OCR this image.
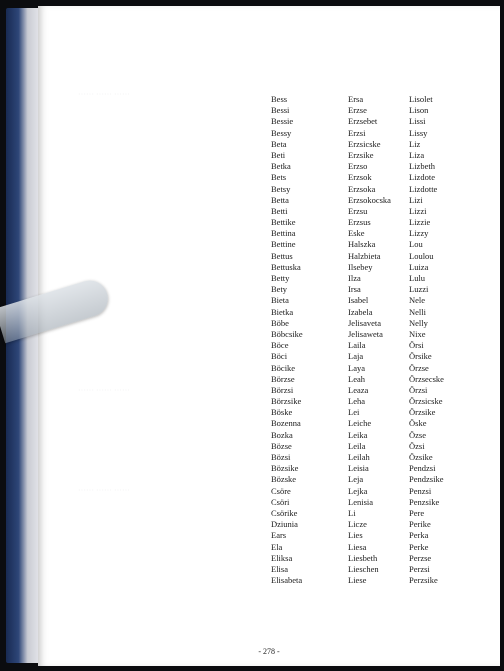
······ ······ ······
······ ······ ······
······ ······ ······
Bess
Bessi
Bessie
Bessy
Beta
Beti
Betka
Bets
Betsy
Betta
Betti
Bettike
Bettina
Bettine
Bettus
Bettuska
Betty
Bety
Bieta
Bietka
Böbe
Böbcsike
Böce
Böci
Böcike
Börzse
Börzsi
Börzsike
Böske
Bozenna
Bozka
Bözse
Bözsi
Bözsike
Bözske
Csöre
Csöri
Csörike
Dziunia
Ears
Ela
Eliksa
Elisa
Elisabeta
Ersa
Erzse
Erzsebet
Erzsi
Erzsicske
Erzsike
Erzso
Erzsok
Erzsoka
Erzsokocska
Erzsu
Erzsus
Eske
Halszka
Halzbieta
Ilsebey
Ilza
Irsa
Isabel
Izabela
Jelisaveta
Jelisaweta
Laila
Laja
Laya
Leah
Leaza
Leha
Lei
Leiche
Leika
Leila
Leilah
Leisia
Leja
Lejka
Lenisia
Li
Licze
Lies
Liesa
Liesbeth
Lieschen
Liese
Lisolet
Lison
Lissi
Lissy
Liz
Liza
Lizbeth
Lizdote
Lizdotte
Lizi
Lizzi
Lizzie
Lizzy
Lou
Loulou
Luiza
Lulu
Luzzi
Nele
Nelli
Nelly
Nixe
Örsi
Örsike
Örzse
Örzsecske
Örzsi
Örzsicske
Örzsike
Öske
Özse
Özsi
Özsike
Pendzsi
Pendzsike
Penzsi
Penzsike
Pere
Perike
Perka
Perke
Perzse
Perzsi
Perzsike
- 278 -
